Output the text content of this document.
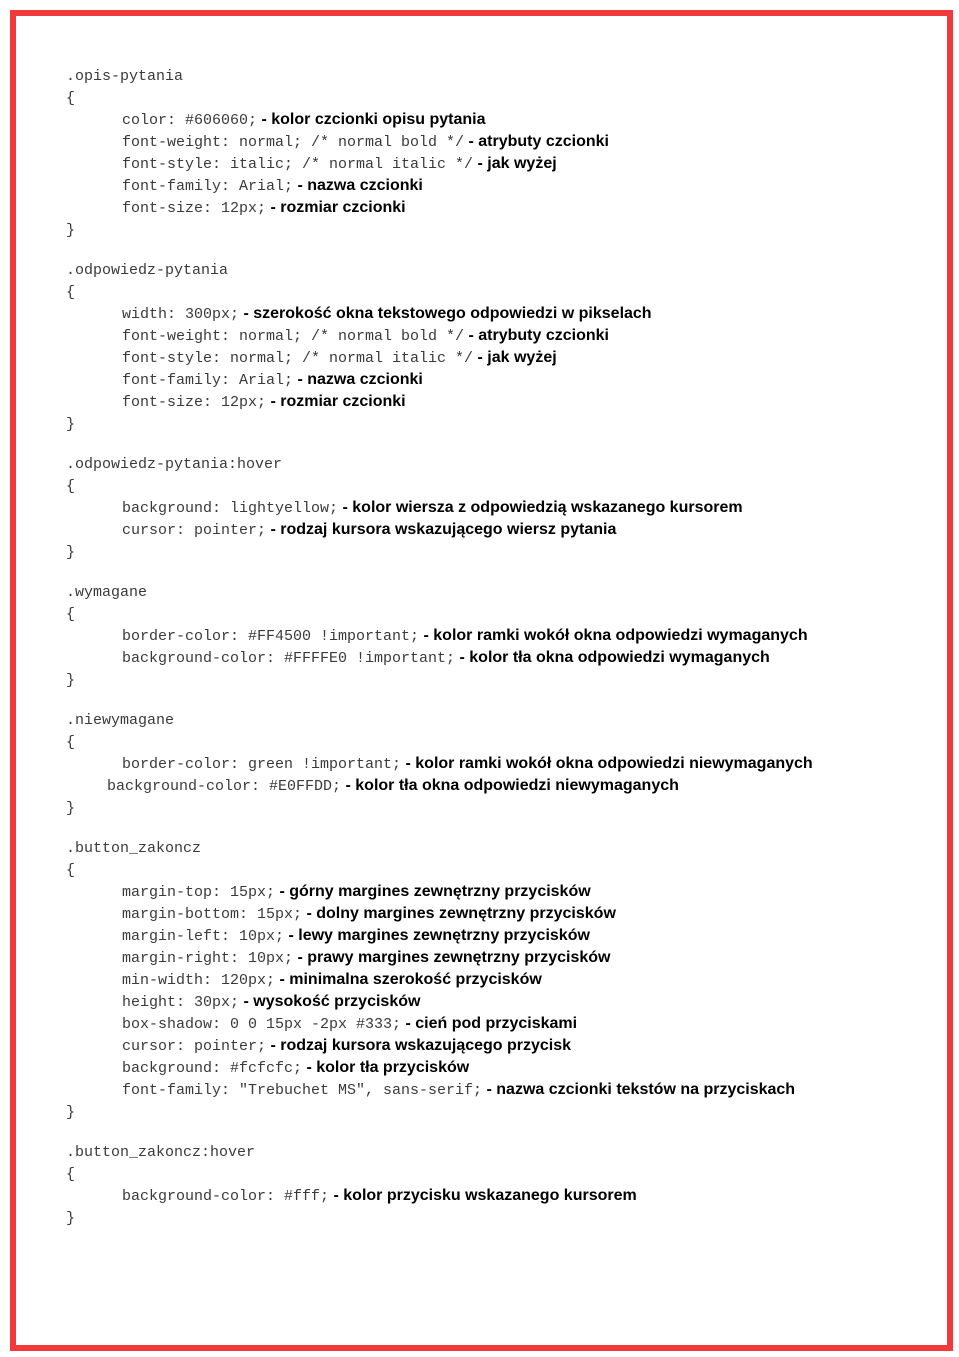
.opis-pytania
{
color: #606060; - kolor czcionki opisu pytania
font-weight: normal; /* normal bold */ - atrybuty czcionki
font-style: italic; /* normal italic */ - jak wyżej
font-family: Arial; - nazwa czcionki
font-size: 12px; - rozmiar czcionki
}
.odpowiedz-pytania
{
width: 300px; - szerokość okna tekstowego odpowiedzi w pikselach
font-weight: normal; /* normal bold */ - atrybuty czcionki
font-style: normal; /* normal italic */ - jak wyżej
font-family: Arial; - nazwa czcionki
font-size: 12px; - rozmiar czcionki
}
.odpowiedz-pytania:hover
{
background: lightyellow; - kolor wiersza z odpowiedzią wskazanego kursorem
cursor: pointer; - rodzaj kursora wskazującego wiersz pytania
}
.wymagane
{
border-color: #FF4500 !important; - kolor ramki wokół okna odpowiedzi wymaganych
background-color: #FFFFE0 !important; - kolor tła okna odpowiedzi wymaganych
}
.niewymagane
{
border-color: green !important; - kolor ramki wokół okna odpowiedzi niewymaganych
background-color: #E0FFDD; - kolor tła okna odpowiedzi niewymaganych
}
.button_zakoncz
{
margin-top: 15px; - górny margines zewnętrzny przycisków
margin-bottom: 15px; - dolny margines zewnętrzny przycisków
margin-left: 10px; - lewy margines zewnętrzny przycisków
margin-right: 10px; - prawy margines zewnętrzny przycisków
min-width: 120px; - minimalna szerokość przycisków
height: 30px; - wysokość przycisków
box-shadow: 0 0 15px -2px #333; - cień pod przyciskami
cursor: pointer; - rodzaj kursora wskazującego przycisk
background: #fcfcfc; - kolor tła przycisków
font-family: "Trebuchet MS", sans-serif; - nazwa czcionki tekstów na przyciskach
}
.button_zakoncz:hover
{
background-color: #fff; - kolor przycisku wskazanego kursorem
}
